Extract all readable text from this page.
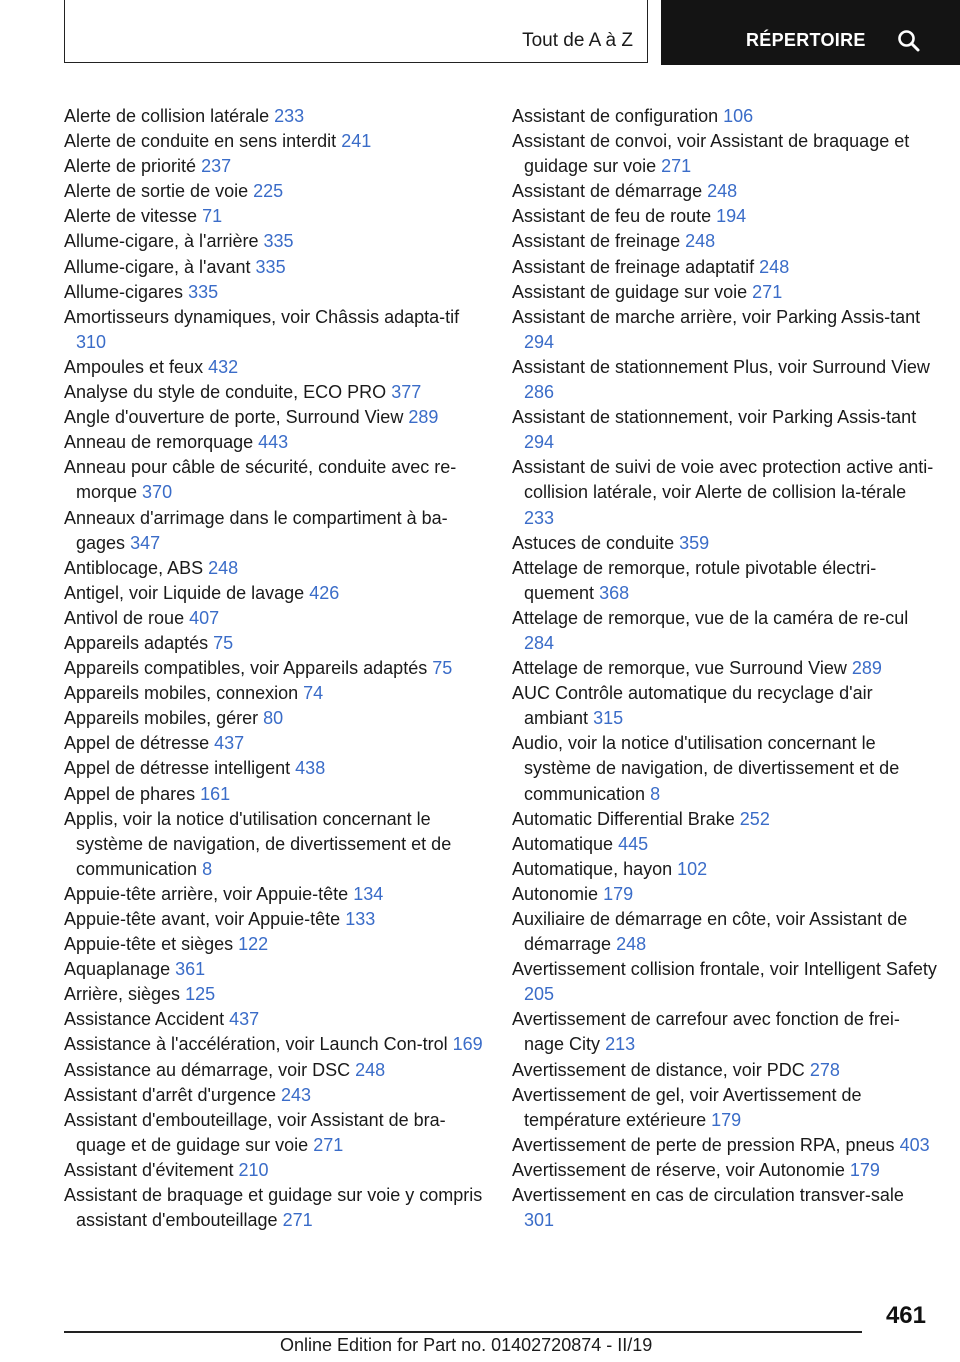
Tout de A à Z	RÉPERTOIRE
Alerte de collision latérale 233
Alerte de conduite en sens interdit 241
Alerte de priorité 237
Alerte de sortie de voie 225
Alerte de vitesse 71
Allume-cigare, à l'arrière 335
Allume-cigare, à l'avant 335
Allume-cigares 335
Amortisseurs dynamiques, voir Châssis adapta‐tif 310
Ampoules et feux 432
Analyse du style de conduite, ECO PRO 377
Angle d'ouverture de porte, Surround View 289
Anneau de remorquage 443
Anneau pour câble de sécurité, conduite avec re‐morque 370
Anneaux d'arrimage dans le compartiment à ba‐gages 347
Antiblocage, ABS 248
Antigel, voir Liquide de lavage 426
Antivol de roue 407
Appareils adaptés 75
Appareils compatibles, voir Appareils adaptés 75
Appareils mobiles, connexion 74
Appareils mobiles, gérer 80
Appel de détresse 437
Appel de détresse intelligent 438
Appel de phares 161
Applis, voir la notice d'utilisation concernant le système de navigation, de divertissement et de communication 8
Appuie-tête arrière, voir Appuie-tête 134
Appuie-tête avant, voir Appuie-tête 133
Appuie-tête et sièges 122
Aquaplanage 361
Arrière, sièges 125
Assistance Accident 437
Assistance à l'accélération, voir Launch Con‐trol 169
Assistance au démarrage, voir DSC 248
Assistant d'arrêt d'urgence 243
Assistant d'embouteillage, voir Assistant de bra‐quage et de guidage sur voie 271
Assistant d'évitement 210
Assistant de braquage et guidage sur voie y compris assistant d'embouteillage 271
Assistant de configuration 106
Assistant de convoi, voir Assistant de braquage et guidage sur voie 271
Assistant de démarrage 248
Assistant de feu de route 194
Assistant de freinage 248
Assistant de freinage adaptatif 248
Assistant de guidage sur voie 271
Assistant de marche arrière, voir Parking Assis‐tant 294
Assistant de stationnement Plus, voir Surround View 286
Assistant de stationnement, voir Parking Assis‐tant 294
Assistant de suivi de voie avec protection active anti-collision latérale, voir Alerte de collision la‐térale 233
Astuces de conduite 359
Attelage de remorque, rotule pivotable électri‐quement 368
Attelage de remorque, vue de la caméra de re‐cul 284
Attelage de remorque, vue Surround View 289
AUC Contrôle automatique du recyclage d'air ambiant 315
Audio, voir la notice d'utilisation concernant le système de navigation, de divertissement et de communication 8
Automatic Differential Brake 252
Automatique 445
Automatique, hayon 102
Autonomie 179
Auxiliaire de démarrage en côte, voir Assistant de démarrage 248
Avertissement collision frontale, voir Intelligent Safety 205
Avertissement de carrefour avec fonction de frei‐nage City 213
Avertissement de distance, voir PDC 278
Avertissement de gel, voir Avertissement de température extérieure 179
Avertissement de perte de pression RPA, pneus 403
Avertissement de réserve, voir Autonomie 179
Avertissement en cas de circulation transver‐sale 301
461
Online Edition for Part no. 01402720874 - II/19
